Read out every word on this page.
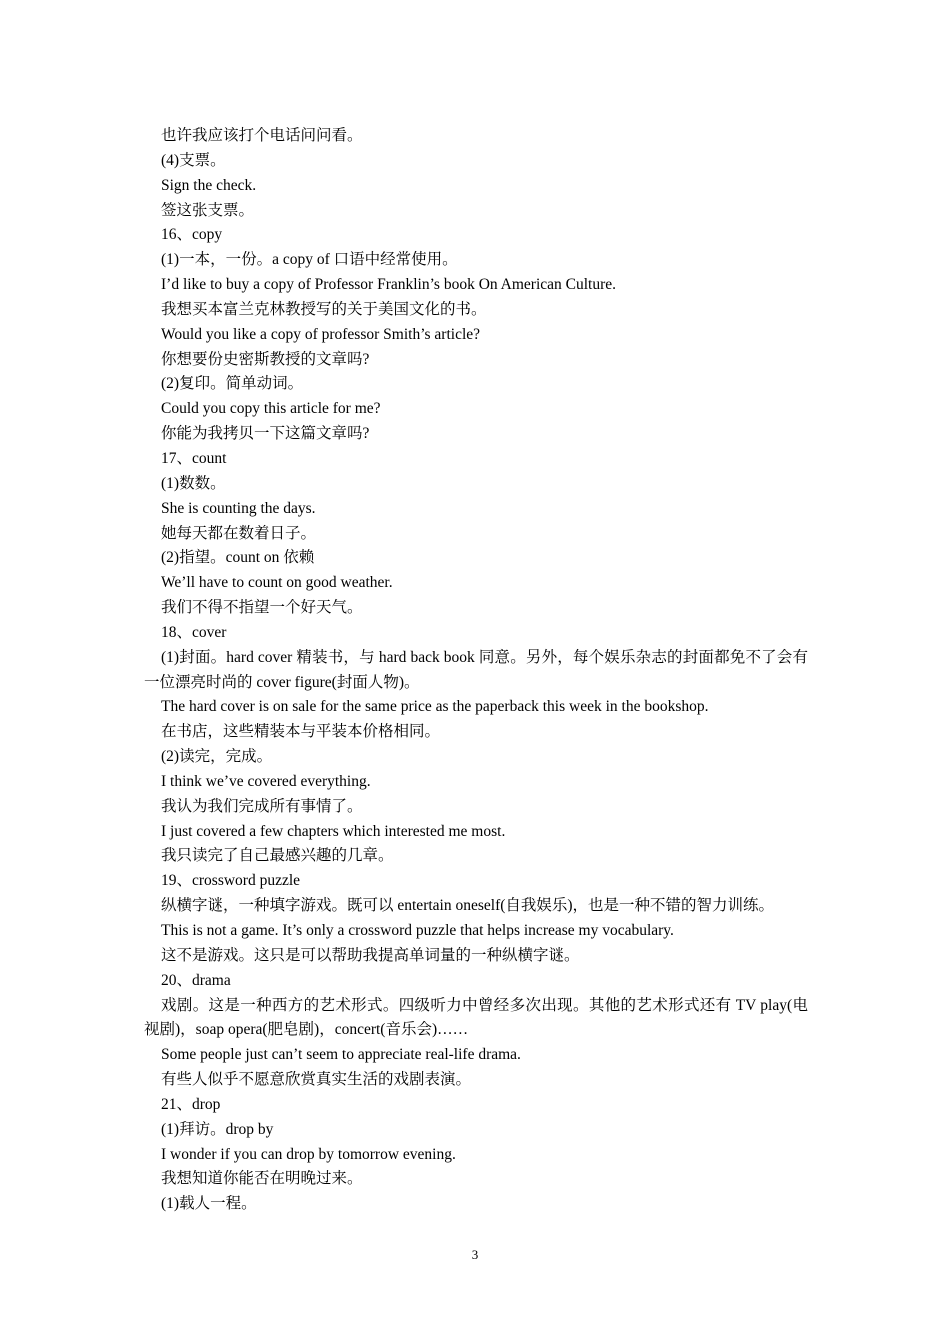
也许我应该打个电话问问看。

(4)支票。

Sign the check.

签这张支票。

16、copy

(1)一本，一份。a copy of 口语中经常使用。

I’d like to buy a copy of Professor Franklin’s book On American Culture.

我想买本富兰克林教授写的关于美国文化的书。

Would you like a copy of professor Smith’s article?

你想要份史密斯教授的文章吗?

(2)复印。简单动词。

Could you copy this article for me?

你能为我拷贝一下这篇文章吗?

17、count

(1)数数。

She is counting the days.

她每天都在数着日子。

(2)指望。count on 依赖

We’ll have to count on good weather.

我们不得不指望一个好天气。

18、cover

(1)封面。hard cover 精装书，与 hard back book 同意。另外，每个娱乐杂志的封面都免不了会有一位漂亮时尚的 cover figure(封面人物)。

The hard cover is on sale for the same price as the paperback this week in the bookshop.

在书店，这些精装本与平装本价格相同。

(2)读完，完成。

I think we’ve covered everything.

我认为我们完成所有事情了。

I just covered a few chapters which interested me most.

我只读完了自己最感兴趣的几章。

19、crossword puzzle

纵横字谜，一种填字游戏。既可以 entertain oneself(自我娱乐)，也是一种不错的智力训练。

This is not a game. It’s only a crossword puzzle that helps increase my vocabulary.

这不是游戏。这只是可以帮助我提高单词量的一种纵横字谜。

20、drama

戏剧。这是一种西方的艺术形式。四级听力中曾经多次出现。其他的艺术形式还有 TV play(电视剧)，soap opera(肥皂剧)，concert(音乐会)……

Some people just can’t seem to appreciate real-life drama.

有些人似乎不愿意欣赏真实生活的戏剧表演。

21、drop

(1)拜访。drop by

I wonder if you can drop by tomorrow evening.

我想知道你能否在明晚过来。

(1)载人一程。

3
